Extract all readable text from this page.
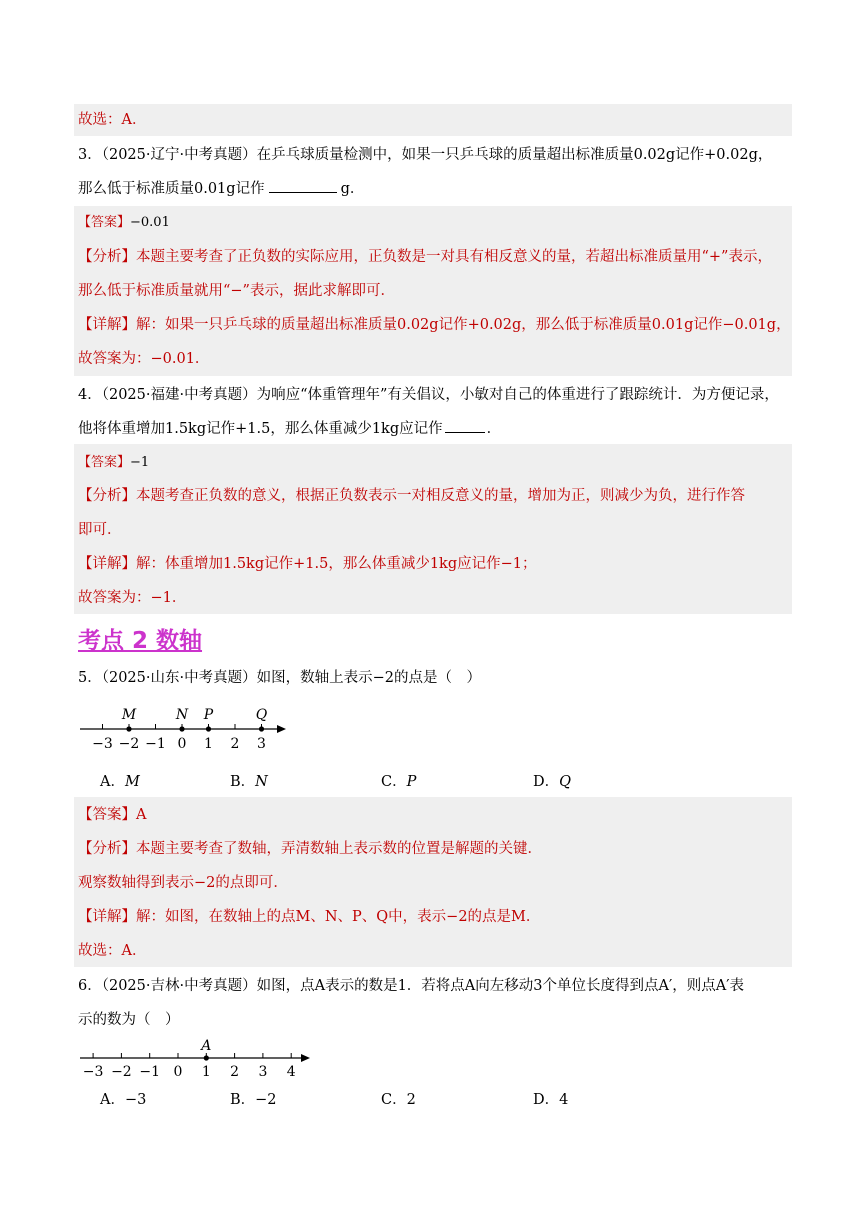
故选：A．
3．（2025·辽宁·中考真题）在乒乓球质量检测中，如果一只乒乓球的质量超出标准质量0.02g记作+0.02g，
那么低于标准质量0.01g记作	g．
【答案】−0.01
【分析】本题主要考查了正负数的实际应用，正负数是一对具有相反意义的量，若超出标准质量用“+”表示，
那么低于标准质量就用“−”表示，据此求解即可．
【详解】解：如果一只乒乓球的质量超出标准质量0.02g记作+0.02g，那么低于标准质量0.01g记作−0.01g，
故答案为：−0.01．
4．（2025·福建·中考真题）为响应“体重管理年”有关倡议，小敏对自己的体重进行了跟踪统计．为方便记录，
他将体重增加1.5kg记作+1.5，那么体重减少1kg应记作	．
【答案】−1
【分析】本题考查正负数的意义，根据正负数表示一对相反意义的量，增加为正，则减少为负，进行作答
即可．
【详解】解：体重增加1.5kg记作+1.5，那么体重减少1kg应记作−1；
故答案为：−1．
考点 2 数轴
5．（2025·山东·中考真题）如图，数轴上表示−2的点是（　）
−3 −2 −1 0 1 2 3
M	N P	Q
A．M	B．N	C．P	D．Q
【答案】A
【分析】本题主要考查了数轴，弄清数轴上表示数的位置是解题的关键．
观察数轴得到表示−2的点即可．
【详解】解：如图，在数轴上的点M、N、P、Q中，表示−2的点是M．
故选：A．
6．（2025·吉林·中考真题）如图，点A表示的数是1．若将点A向左移动3个单位长度得到点A′，则点A′表
示的数为（　）
−3 −2 −1 0 1 2 3 4
A
A．−3	B．−2	C．2	D．4
